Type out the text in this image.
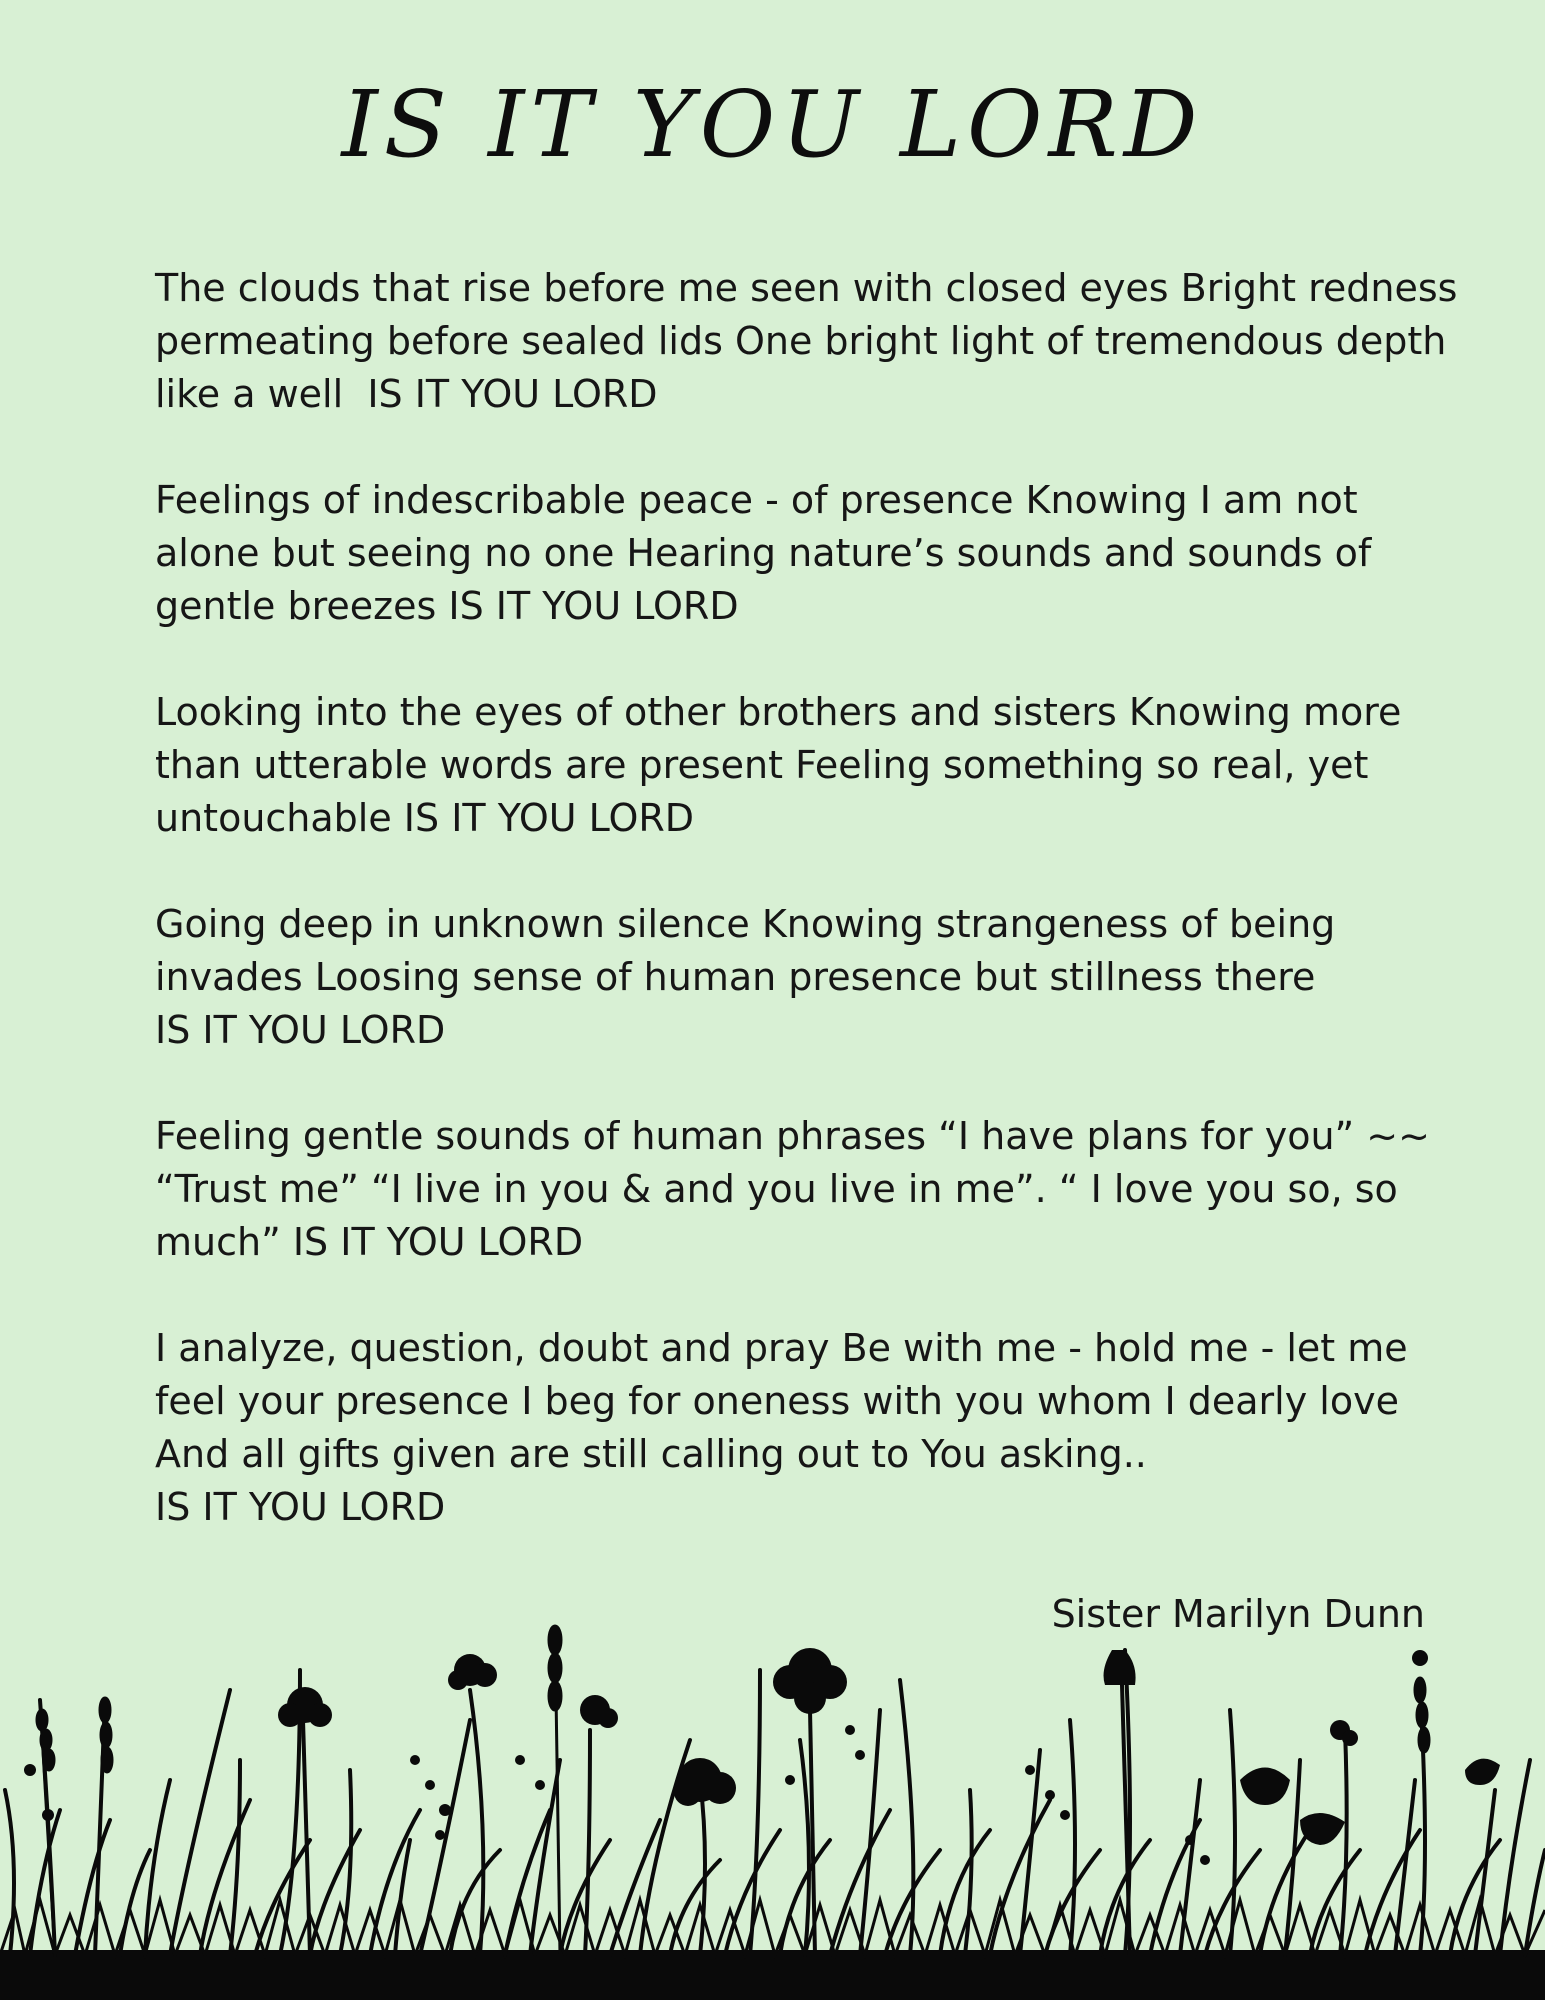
IS IT YOU LORD
The clouds that rise before me seen with closed eyes Bright redness
permeating before sealed lids One bright light of tremendous depth
like a well  IS IT YOU LORD
Feelings of indescribable peace - of presence Knowing I am not
alone but seeing no one Hearing nature’s sounds and sounds of
gentle breezes IS IT YOU LORD
Looking into the eyes of other brothers and sisters Knowing more
than utterable words are present Feeling something so real, yet
untouchable IS IT YOU LORD
Going deep in unknown silence Knowing strangeness of being
invades Loosing sense of human presence but stillness there
IS IT YOU LORD
Feeling gentle sounds of human phrases “I have plans for you” ~~
“Trust me” “I live in you & and you live in me”. “ I love you so, so
much” IS IT YOU LORD
I analyze, question, doubt and pray Be with me - hold me - let me
feel your presence I beg for oneness with you whom I dearly love
And all gifts given are still calling out to You asking..
IS IT YOU LORD
Sister Marilyn Dunn
